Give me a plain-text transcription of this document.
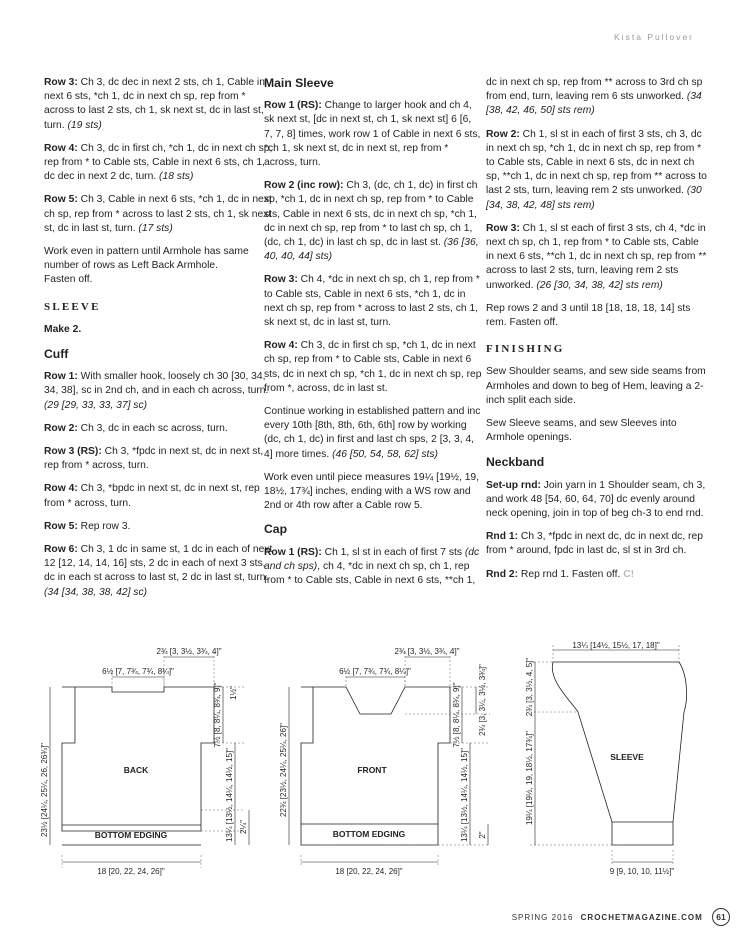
Kista Pullover

Row 3: Ch 3, dc dec in next 2 sts, ch 1, Cable in next 6 sts, *ch 1, dc in next ch sp, rep from * across to last 2 sts, ch 1, sk next st, dc in last st, turn. (19 sts)

Row 4: Ch 3, dc in first ch, *ch 1, dc in next ch sp, rep from * to Cable sts, Cable in next 6 sts, ch 1, dc dec in next 2 dc, turn. (18 sts)

Row 5: Ch 3, Cable in next 6 sts, *ch 1, dc in next ch sp, rep from * across to last 2 sts, ch 1, sk next st, dc in last st, turn. (17 sts)

Work even in pattern until Armhole has same number of rows as Left Back Armhole.

Fasten off.

SLEEVE

Make 2.

Cuff

Row 1: With smaller hook, loosely ch 30 [30, 34, 34, 38], sc in 2nd ch, and in each ch across, turn. (29 [29, 33, 33, 37] sc)

Row 2: Ch 3, dc in each sc across, turn.

Row 3 (RS): Ch 3, *fpdc in next st, dc in next st, rep from * across, turn.

Row 4: Ch 3, *bpdc in next st, dc in next st, rep from * across, turn.

Row 5: Rep row 3.

Row 6: Ch 3, 1 dc in same st, 1 dc in each of next 12 [12, 14, 14, 16] sts, 2 dc in each of next 3 sts, dc in each st across to last st, 2 dc in last st, turn. (34 [34, 38, 38, 42] sc)

Main Sleeve

Row 1 (RS): Change to larger hook and ch 4, sk next st, [dc in next st, ch 1, sk next st] 6 [6, 7, 7, 8] times, work row 1 of Cable in next 6 sts, *ch 1, sk next st, dc in next st, rep from * across, turn.

Row 2 (inc row): Ch 3, (dc, ch 1, dc) in first ch sp, *ch 1, dc in next ch sp, rep from * to Cable sts, Cable in next 6 sts, dc in next ch sp, *ch 1, dc in next ch sp, rep from * to last ch sp, ch 1, (dc, ch 1, dc) in last ch sp, dc in last st. (36 [36, 40, 40, 44] sts)

Row 3: Ch 4, *dc in next ch sp, ch 1, rep from * to Cable sts, Cable in next 6 sts, *ch 1, dc in next ch sp, rep from * across to last 2 sts, ch 1, sk next st, dc in last st, turn.

Row 4: Ch 3, dc in first ch sp, *ch 1, dc in next ch sp, rep from * to Cable sts, Cable in next 6 sts, dc in next ch sp, *ch 1, dc in next ch sp, rep from *, across, dc in last st.

Continue working in established pattern and inc every 10th [8th, 8th, 6th, 6th] row by working (dc, ch 1, dc) in first and last ch sps, 2 [3, 3, 4, 4] more times. (46 [50, 54, 58, 62] sts)

Work even until piece measures 19¼ [19½, 19, 18½, 17¾] inches, ending with a WS row and 2nd or 4th row after a Cable row 5.

Cap

Row 1 (RS): Ch 1, sl st in each of first 7 sts (dc and ch sps), ch 4, *dc in next ch sp, ch 1, rep from * to Cable sts, Cable in next 6 sts, **ch 1,

dc in next ch sp, rep from ** across to 3rd ch sp from end, turn, leaving rem 6 sts unworked. (34 [38, 42, 46, 50] sts rem)

Row 2: Ch 1, sl st in each of first 3 sts, ch 3, dc in next ch sp, *ch 1, dc in next ch sp, rep from * to Cable sts, Cable in next 6 sts, dc in next ch sp, **ch 1, dc in next ch sp, rep from ** across to last 2 sts, turn, leaving rem 2 sts unworked. (30 [34, 38, 42, 48] sts rem)

Row 3: Ch 1, sl st each of first 3 sts, ch 4, *dc in next ch sp, ch 1, rep from * to Cable sts, Cable in next 6 sts, **ch 1, dc in next ch sp, rep from ** across to last 2 sts, turn, leaving rem 2 sts unworked. (26 [30, 34, 38, 42] sts rem)

Rep rows 2 and 3 until 18 [18, 18, 18, 14] sts rem. Fasten off.

FINISHING

Sew Shoulder seams, and sew side seams from Armholes and down to beg of Hem, leaving a 2-inch split each side.

Sew Sleeve seams, and sew Sleeves into Armhole openings.

Neckband

Set-up rnd: Join yarn in 1 Shoulder seam, ch 3, and work 48 [54, 60, 64, 70] dc evenly around neck opening, join in top of beg ch-3 to end rnd.

Rnd 1: Ch 3, *fpdc in next dc, dc in next dc, rep from * around, fpdc in last dc, sl st in 3rd ch.

Rnd 2: Rep rnd 1. Fasten off. C!

BACK
BOTTOM EDGING
2¾ [3, 3½, 3¾, 4]"
6½ [7, 7¾, 7¾, 8¼]"
18 [20, 22, 24, 26]"
23½ [24¼, 25¼, 26, 26¾]"
7½ [8, 8¼, 8¾, 9]"
13¼ [13½, 14¼, 14½, 15]" 2¼"
1½"
FRONT
BOTTOM EDGING
2¾ [3, 3½, 3¾, 4]"
6½ [7, 7¾, 7¾, 8¼]"
18 [20, 22, 24, 26]"
22¾ [23½, 24¼, 25¼, 26]"
7½ [8, 8¼, 8¾, 9]" 2¾ [3, 3¼, 3½, 3¾]"
13¼ [13½, 14¼, 14½, 15]" 2"
SLEEVE
13¼ [14½, 15½, 17, 18]"
9 [9, 10, 10, 11½]"
2¾ [3, 3½, 4, 5]"
19¼ [19½, 19, 18½, 17¾]"
SPRING 2016 CROCHETMAGAZINE.COM 61
